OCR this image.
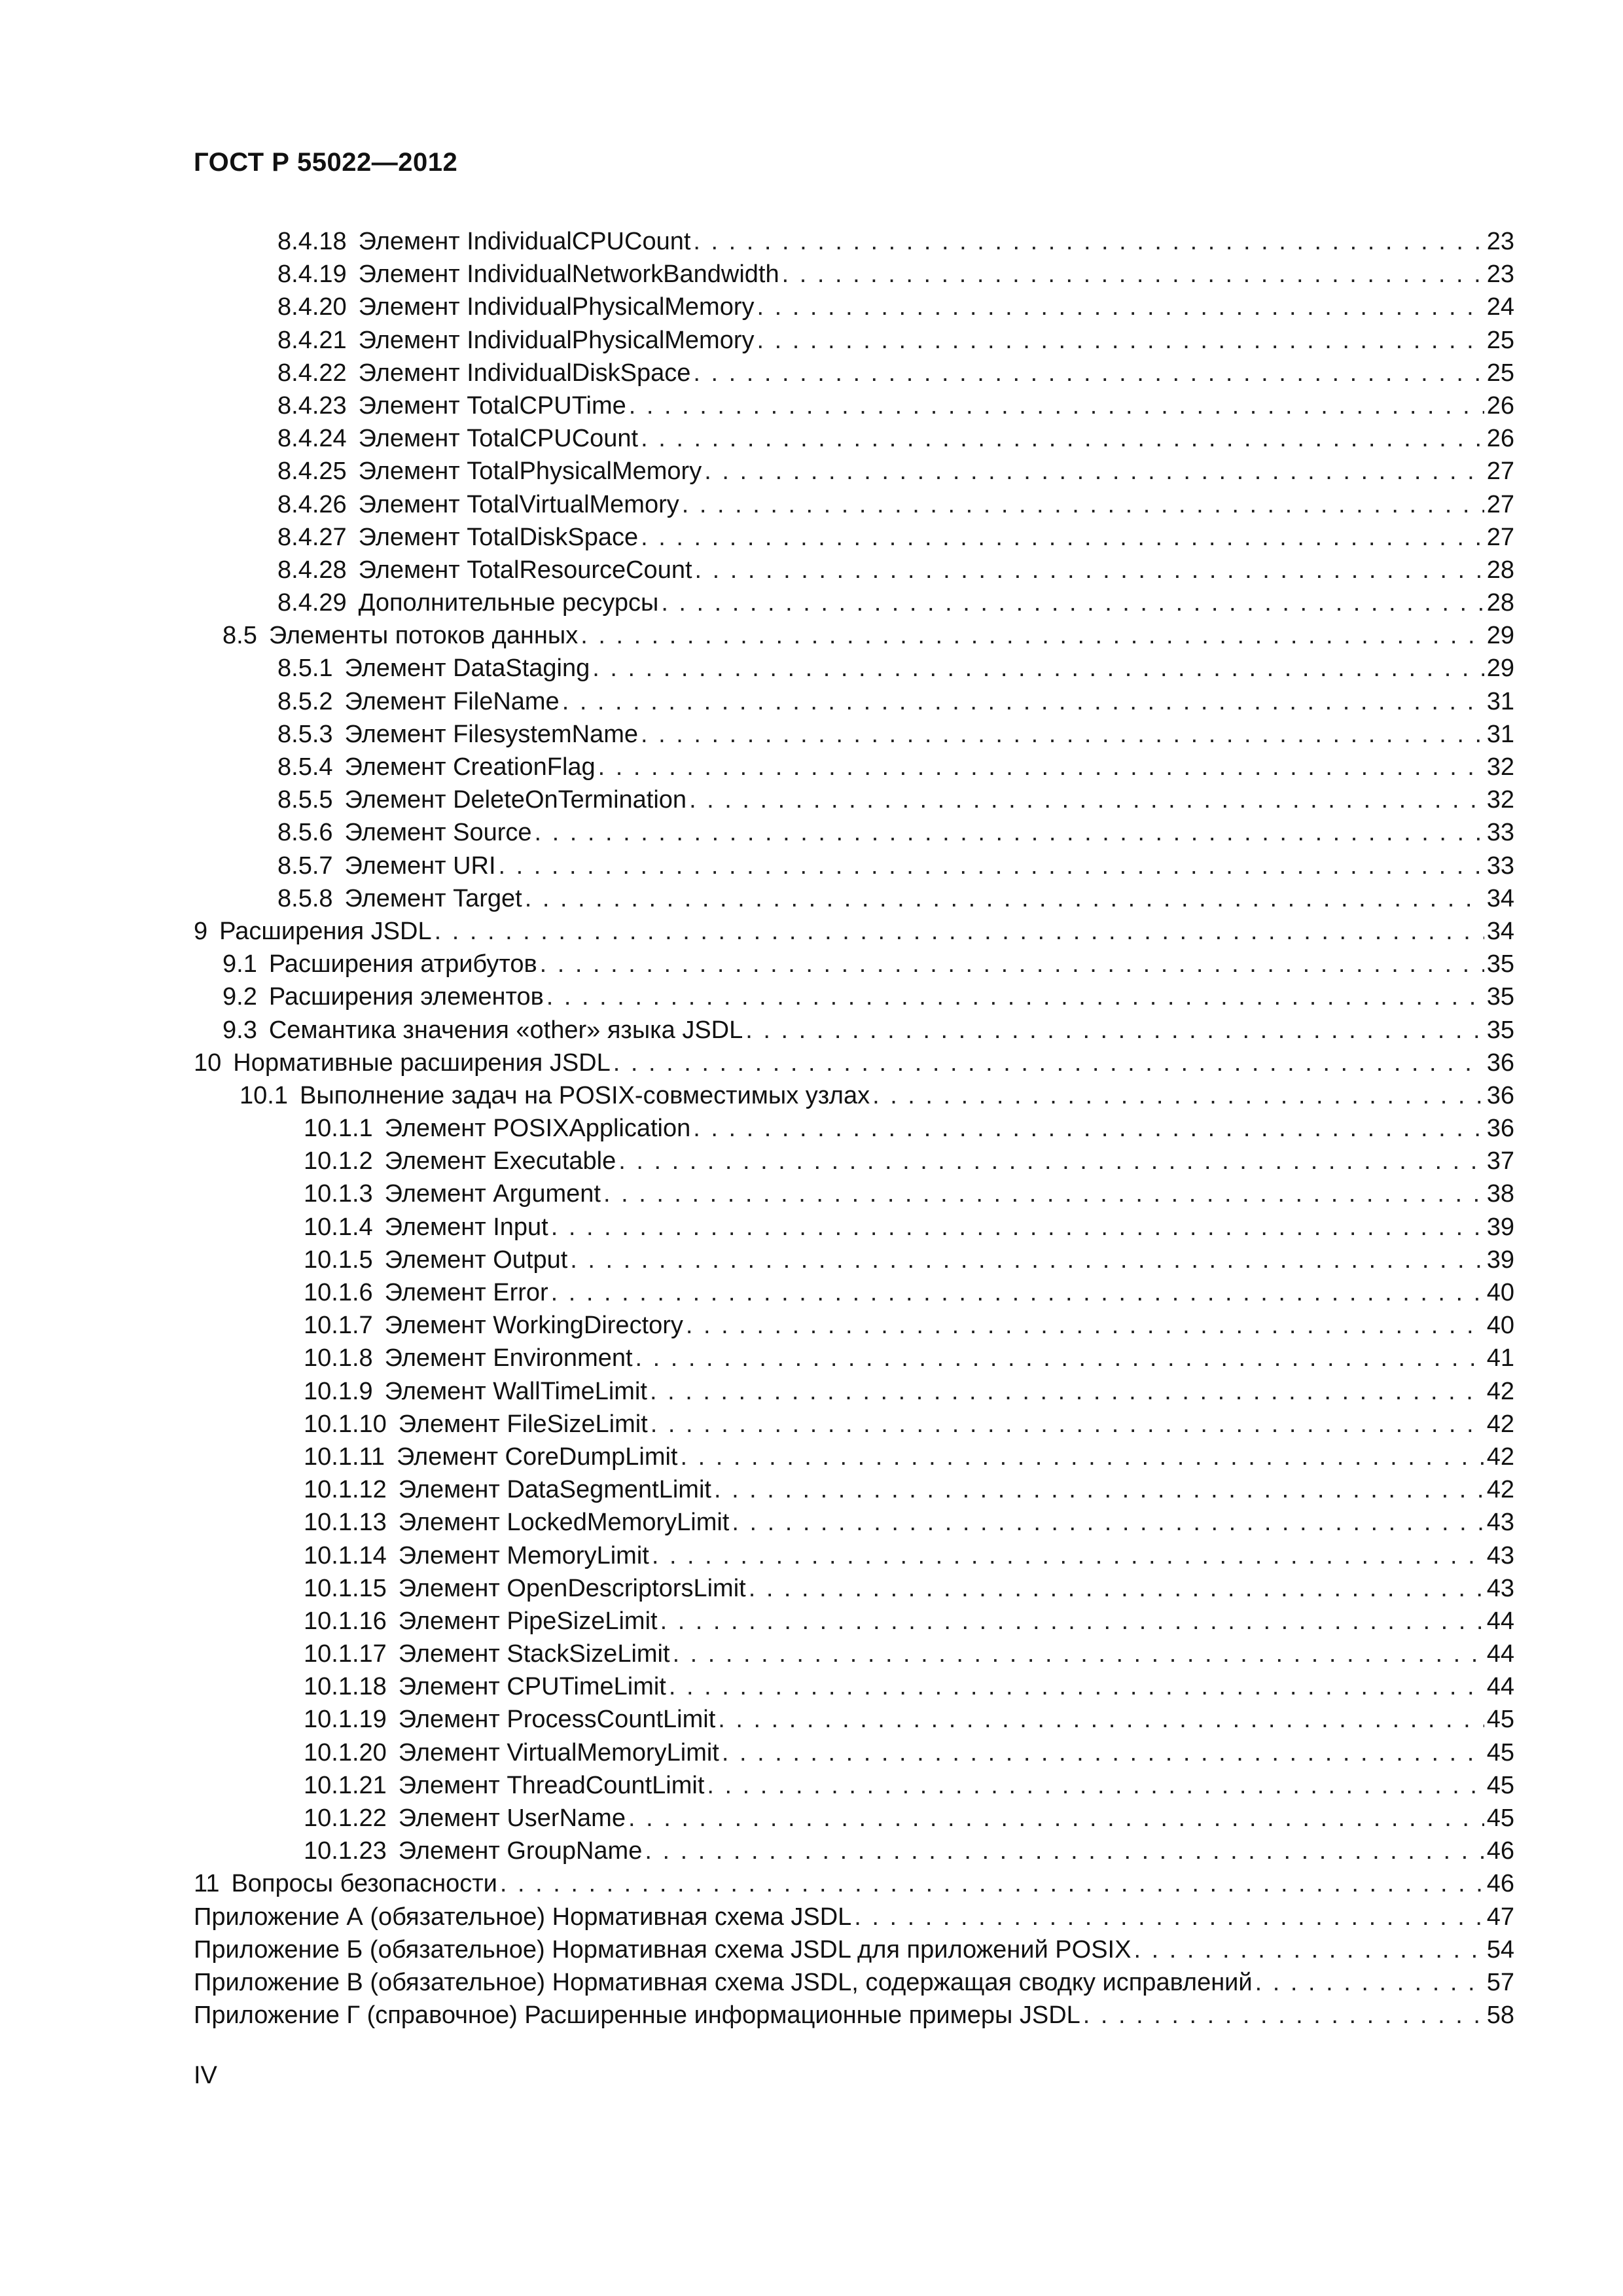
ГОСТ Р 55022—2012
8.4.18 Элемент IndividualCPUCount . . .	23
8.4.19 Элемент IndividualNetworkBandwidth . . .	23
8.4.20 Элемент IndividualPhysicalMemory . . .	24
8.4.21 Элемент IndividualPhysicalMemory . . .	25
8.4.22 Элемент IndividualDiskSpace . . .	25
8.4.23 Элемент TotalCPUTime . . .	26
8.4.24 Элемент TotalCPUCount . . .	26
8.4.25 Элемент TotalPhysicalMemory . . .	27
8.4.26 Элемент TotalVirtualMemory . . .	27
8.4.27 Элемент TotalDiskSpace . . .	27
8.4.28 Элемент TotalResourceCount . . .	28
8.4.29 Дополнительные ресурсы . . .	28
8.5 Элементы потоков данных . . .	29
8.5.1 Элемент DataStaging . . .	29
8.5.2 Элемент FileName . . .	31
8.5.3 Элемент FilesystemName . . .	31
8.5.4 Элемент CreationFlag . . .	32
8.5.5 Элемент DeleteOnTermination . . .	32
8.5.6 Элемент Source . . .	33
8.5.7 Элемент URI . . .	33
8.5.8 Элемент Target . . .	34
9 Расширения JSDL . . .	34
9.1 Расширения атрибутов . . .	35
9.2 Расширения элементов . . .	35
9.3 Семантика значения «other» языка JSDL . . .	35
10 Нормативные расширения JSDL . . .	36
10.1 Выполнение задач на POSIX-совместимых узлах . . .	36
10.1.1 Элемент POSIXApplication . . .	36
10.1.2 Элемент Executable . . .	37
10.1.3 Элемент Argument . . .	38
10.1.4 Элемент Input . . .	39
10.1.5 Элемент Output . . .	39
10.1.6 Элемент Error . . .	40
10.1.7 Элемент WorkingDirectory . . .	40
10.1.8 Элемент Environment . . .	41
10.1.9 Элемент WallTimeLimit . . .	42
10.1.10 Элемент FileSizeLimit . . .	42
10.1.11 Элемент CoreDumpLimit . . .	42
10.1.12 Элемент DataSegmentLimit . . .	42
10.1.13 Элемент LockedMemoryLimit . . .	43
10.1.14 Элемент MemoryLimit . . .	43
10.1.15 Элемент OpenDescriptorsLimit . . .	43
10.1.16 Элемент PipeSizeLimit . . .	44
10.1.17 Элемент StackSizeLimit . . .	44
10.1.18 Элемент CPUTimeLimit . . .	44
10.1.19 Элемент ProcessCountLimit . . .	45
10.1.20 Элемент VirtualMemoryLimit . . .	45
10.1.21 Элемент ThreadCountLimit . . .	45
10.1.22 Элемент UserName . . .	45
10.1.23 Элемент GroupName . . .	46
11 Вопросы безопасности . . .	46
Приложение А (обязательное) Нормативная схема JSDL . . .	47
Приложение Б (обязательное) Нормативная схема JSDL для приложений POSIX . . .	54
Приложение В (обязательное) Нормативная схема JSDL, содержащая сводку исправлений . . .	57
Приложение Г (справочное) Расширенные информационные примеры JSDL . . .	58
IV
